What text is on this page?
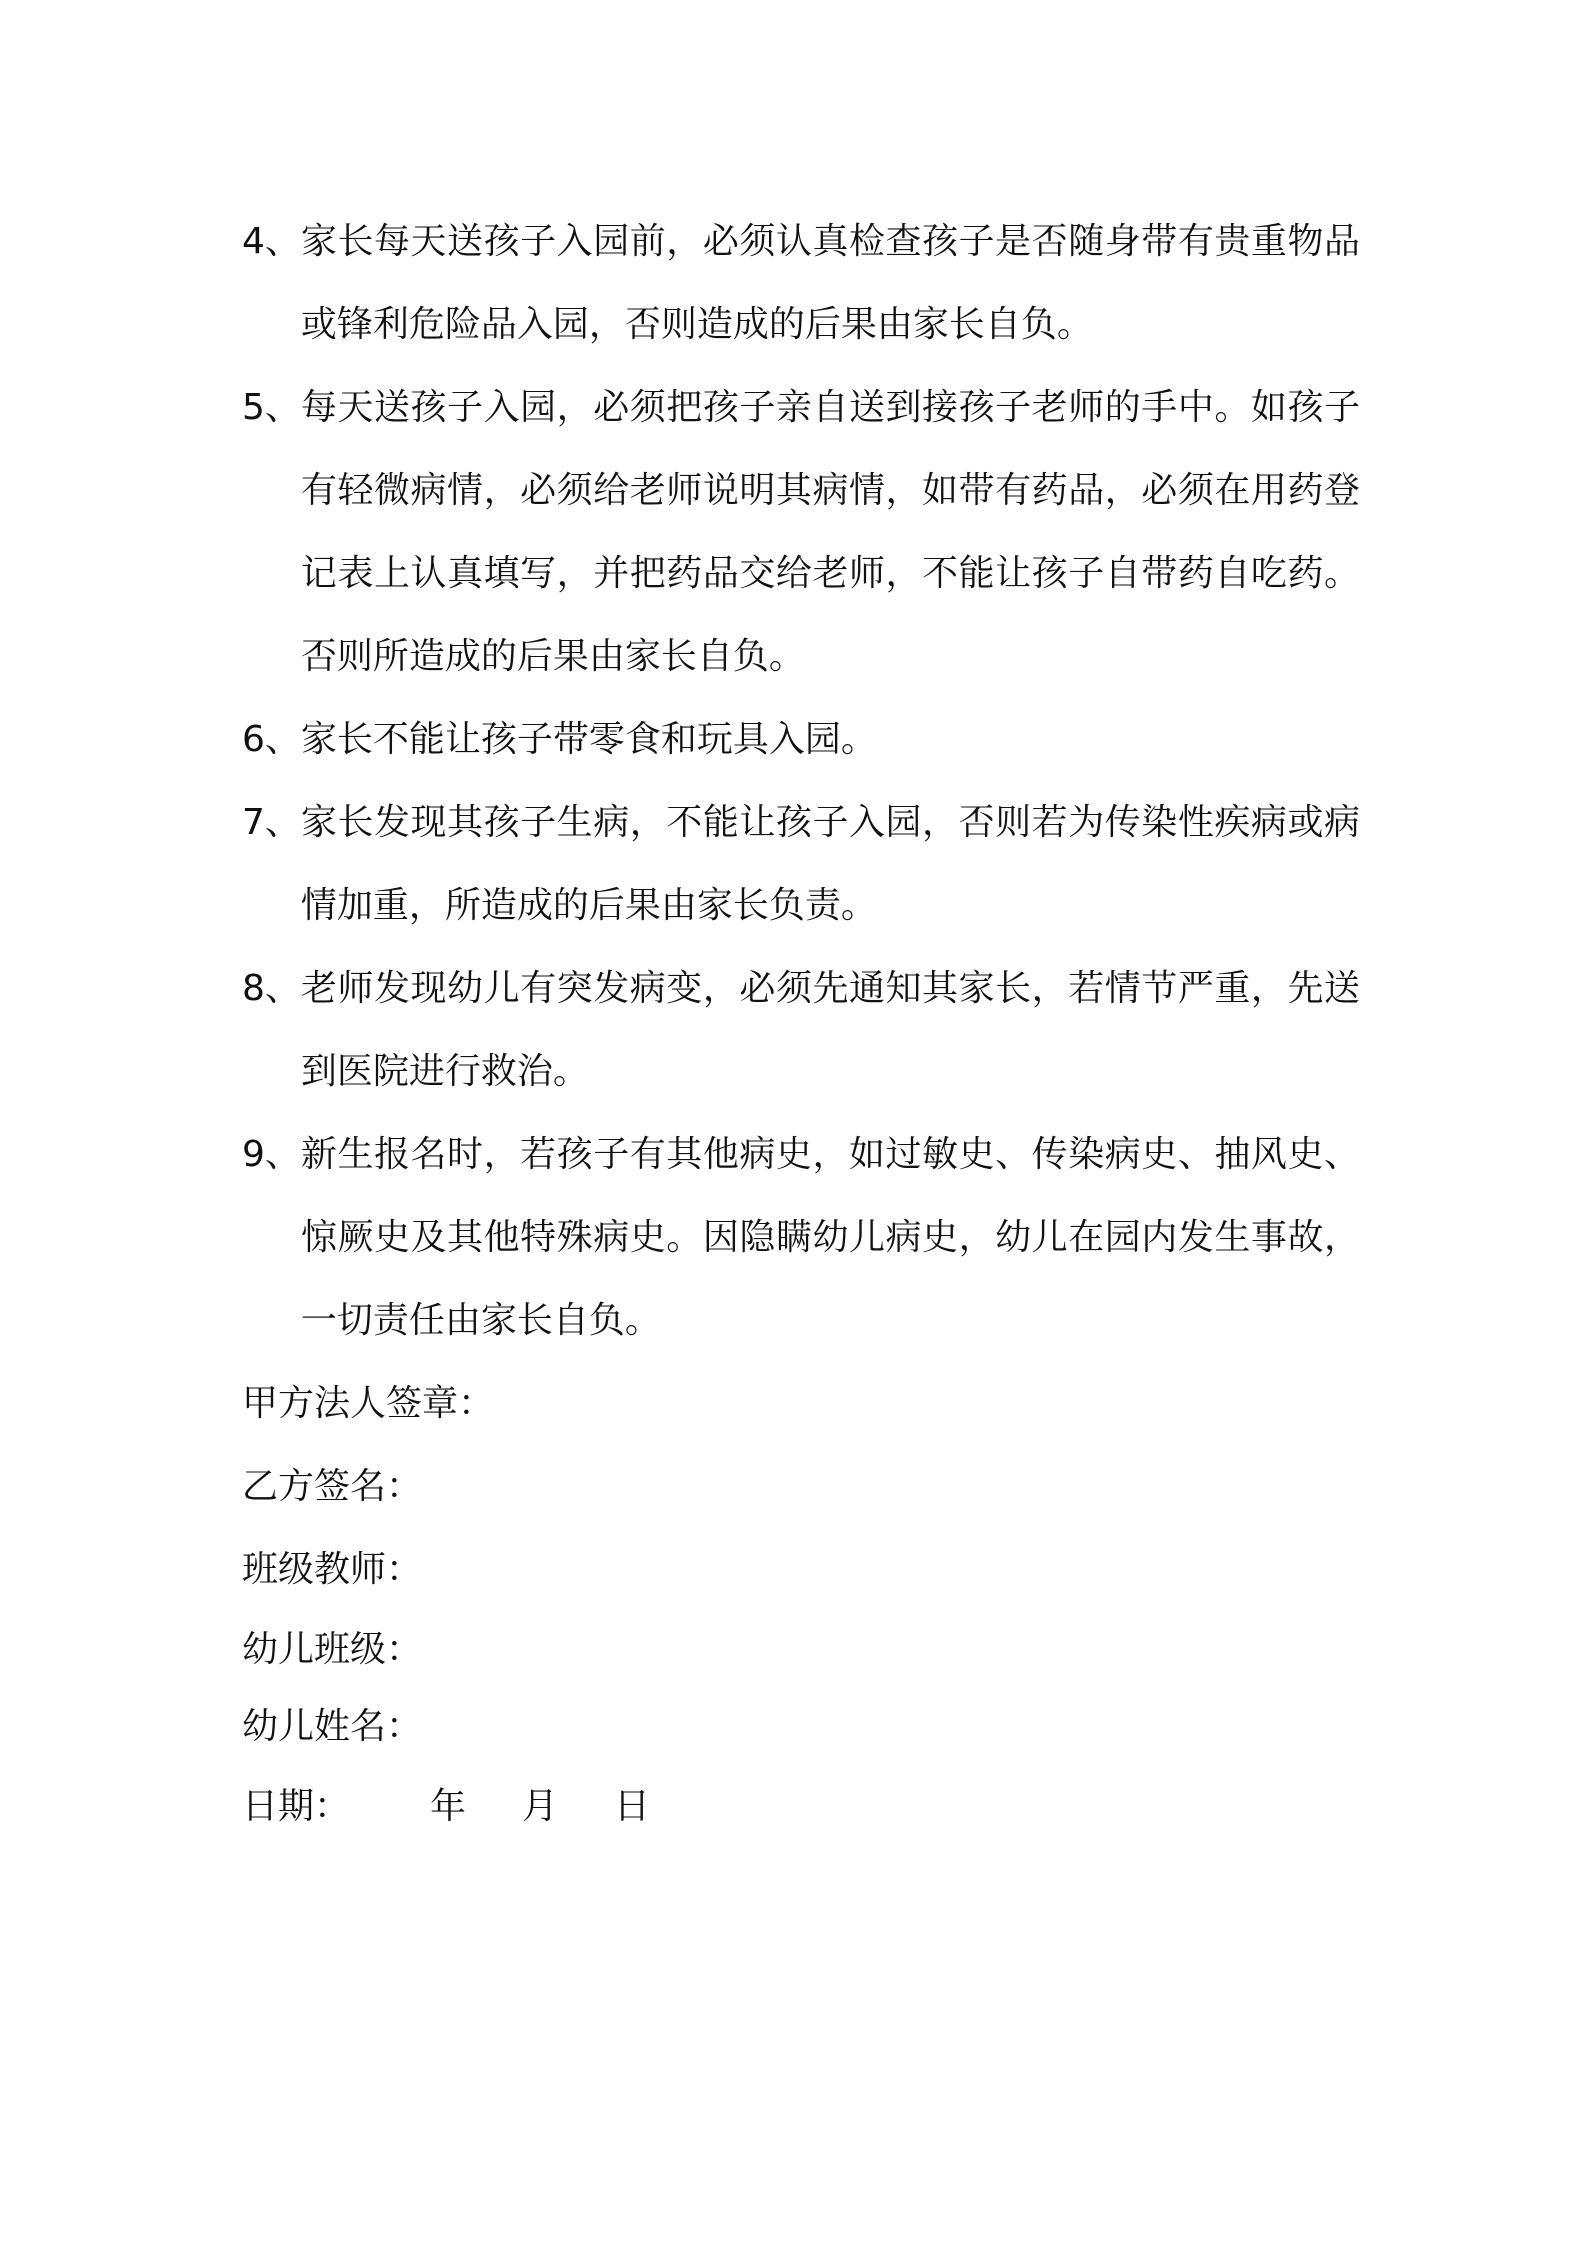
4、 家长每天送孩子入园前，必须认真检查孩子是否随身带有贵重物品或锋利危险品入园，否则造成的后果由家长自负。

5、 每天送孩子入园，必须把孩子亲自送到接孩子老师的手中。如孩子有轻微病情，必须给老师说明其病情，如带有药品，必须在用药登记表上认真填写，并把药品交给老师，不能让孩子自带药自吃药。否则所造成的后果由家长自负。

6、 家长不能让孩子带零食和玩具入园。

7、 家长发现其孩子生病，不能让孩子入园，否则若为传染性疾病或病情加重，所造成的后果由家长负责。

8、 老师发现幼儿有突发病变，必须先通知其家长，若情节严重，先送到医院进行救治。

9、 新生报名时，若孩子有其他病史，如过敏史、传染病史、抽风史、惊厥史及其他特殊病史。因隐瞒幼儿病史，幼儿在园内发生事故，一切责任由家长自负。

甲方法人签章：
乙方签名：
班级教师：
幼儿班级：
幼儿姓名：
日期：	年	月	日
